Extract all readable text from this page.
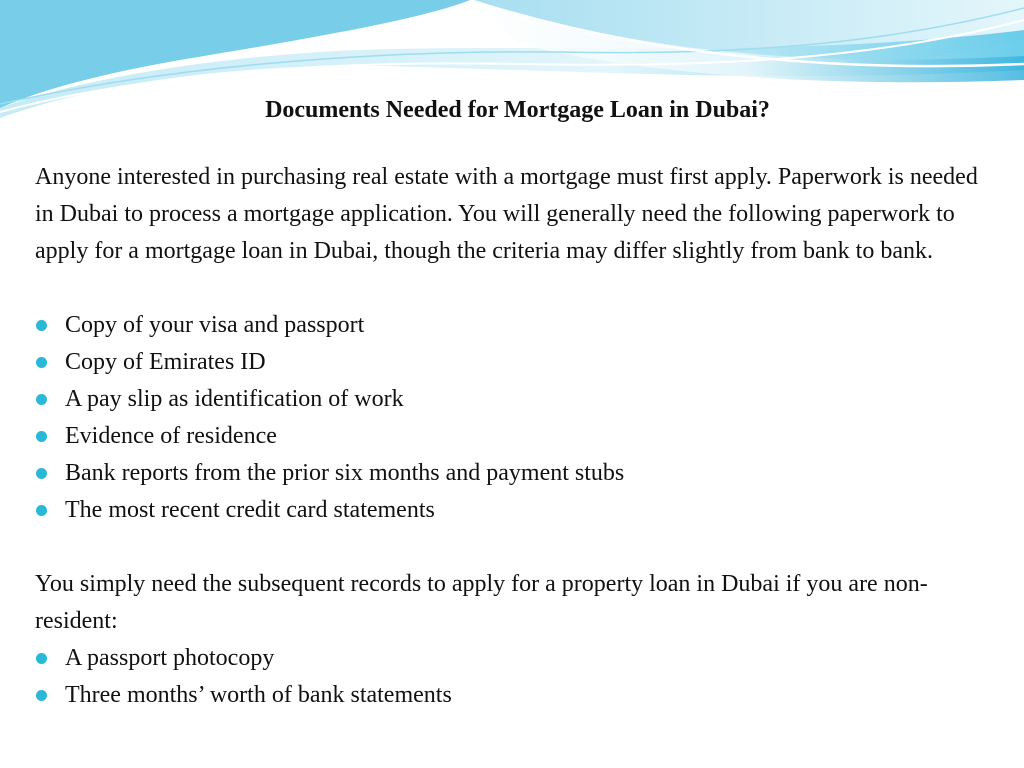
Documents Needed for Mortgage Loan in Dubai?

Anyone interested in purchasing real estate with a mortgage must first apply. Paperwork is needed in Dubai to process a mortgage application. You will generally need the following paperwork to apply for a mortgage loan in Dubai, though the criteria may differ slightly from bank to bank.

Copy of your visa and passport
Copy of Emirates ID
A pay slip as identification of work
Evidence of residence
Bank reports from the prior six months and payment stubs
The most recent credit card statements

You simply need the subsequent records to apply for a property loan in Dubai if you are non-resident:

A passport photocopy
Three months’ worth of bank statements
